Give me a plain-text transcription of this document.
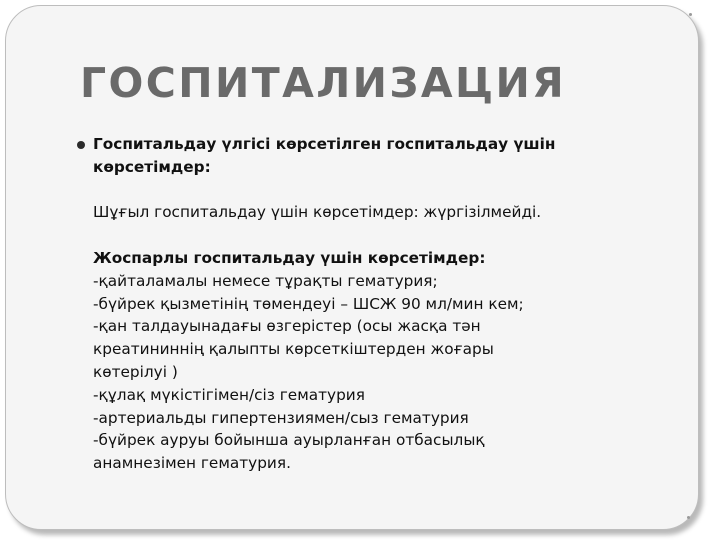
ГОСПИТАЛИЗАЦИЯ
Госпитальдау үлгісі көрсетілген госпитальдау үшін
көрсетімдер:
Шұғыл госпитальдау үшін көрсетімдер: жүргізілмейді.
Жоспарлы госпитальдау үшін көрсетімдер:
-қайталамалы немесе тұрақты гематурия;
-бүйрек қызметінің төмендеуі – ШСЖ 90 мл/мин кем;
-қан талдауынадағы өзгерістер (осы жасқа тән
креатининнің қалыпты көрсеткіштерден жоғары
көтерілуі )
-құлақ мүкістігімен/сіз гематурия
-артериальды гипертензиямен/сыз гематурия
-бүйрек ауруы бойынша ауырланған отбасылық
анамнезімен гематурия.
